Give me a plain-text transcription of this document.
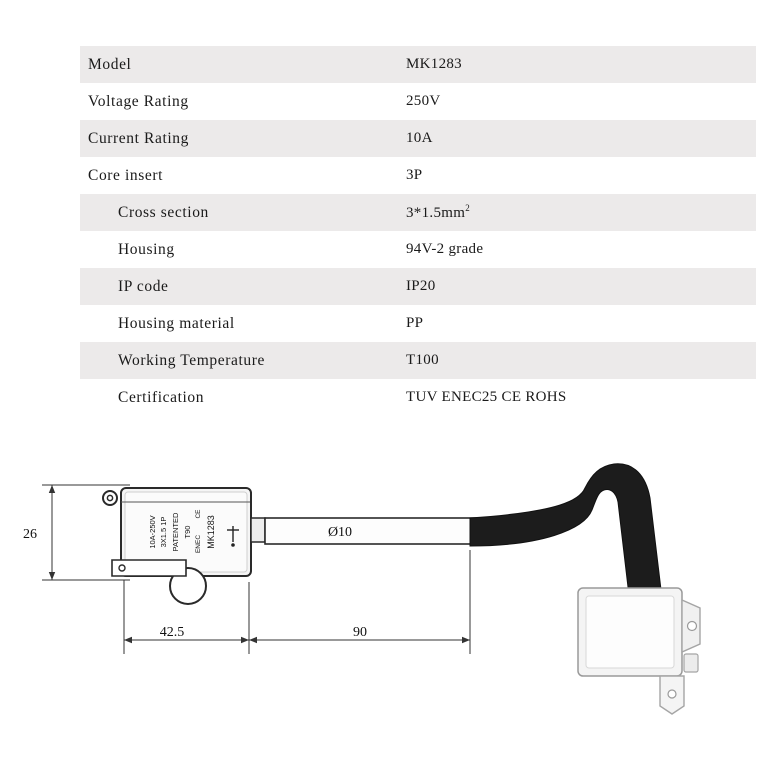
Model	MK1283
Voltage Rating	250V
Current Rating	10A
Core insert	3P
Cross section	$3*1.5mm^2$
Housing	94V-2 grade
IP code	IP20
Housing material	PP
Working Temperature	T100
Certification	TUV ENEC25 CE ROHS
26	MK1283
T90
PATENTED
3X1.5 1P
10A-250V
CE
ENEC
Ø10
42.5	90
